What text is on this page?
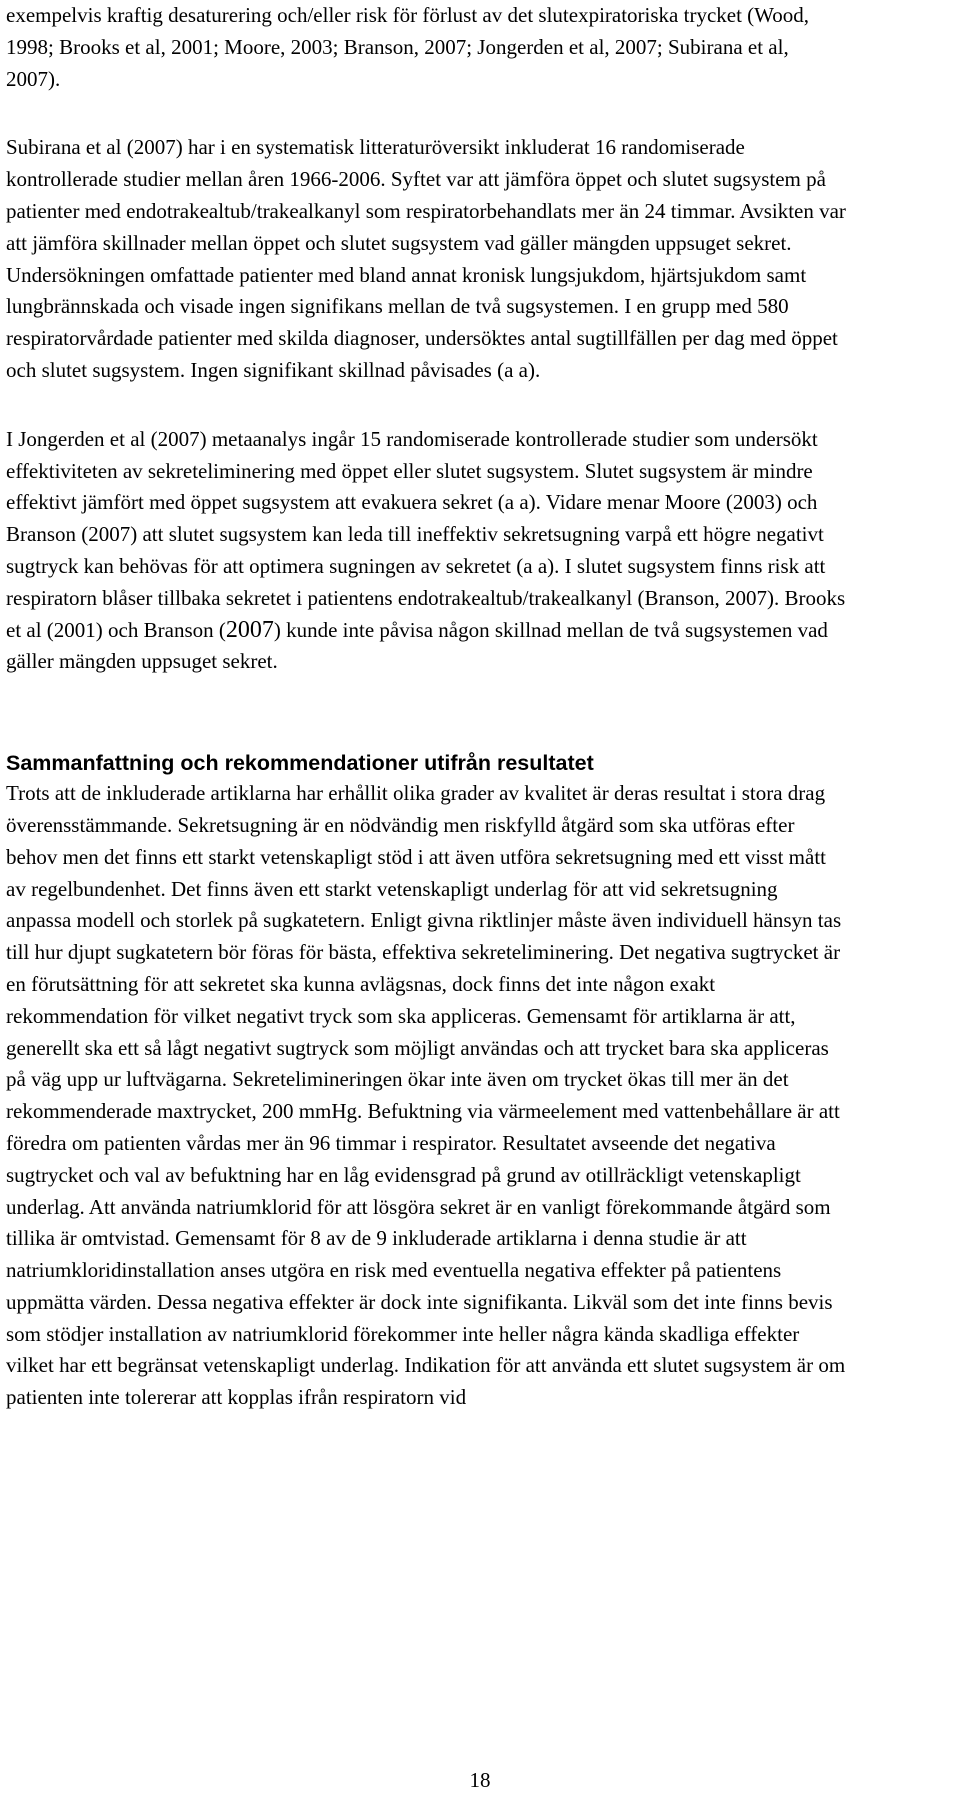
exempelvis kraftig desaturering och/eller risk för förlust av det slutexpiratoriska trycket (Wood, 1998; Brooks et al, 2001; Moore, 2003; Branson, 2007; Jongerden et al, 2007; Subirana et al, 2007).

Subirana et al (2007) har i en systematisk litteraturöversikt inkluderat 16 randomiserade kontrollerade studier mellan åren 1966-2006. Syftet var att jämföra öppet och slutet sugsystem på patienter med endotrakealtub/trakealkanyl som respiratorbehandlats mer än 24 timmar. Avsikten var att jämföra skillnader mellan öppet och slutet sugsystem vad gäller mängden uppsuget sekret. Undersökningen omfattade patienter med bland annat kronisk lungsjukdom, hjärtsjukdom samt lungbrännskada och visade ingen signifikans mellan de två sugsystemen. I en grupp med 580 respiratorvårdade patienter med skilda diagnoser, undersöktes antal sugtillfällen per dag med öppet och slutet sugsystem. Ingen signifikant skillnad påvisades (a a).

I Jongerden et al (2007) metaanalys ingår 15 randomiserade kontrollerade studier som undersökt effektiviteten av sekreteliminering med öppet eller slutet sugsystem. Slutet sugsystem är mindre effektivt jämfört med öppet sugsystem att evakuera sekret (a a). Vidare menar Moore (2003) och Branson (2007) att slutet sugsystem kan leda till ineffektiv sekretsugning varpå ett högre negativt sugtryck kan behövas för att optimera sugningen av sekretet (a a). I slutet sugsystem finns risk att respiratorn blåser tillbaka sekretet i patientens endotrakealtub/trakealkanyl (Branson, 2007). Brooks et al (2001) och Branson (2007) kunde inte påvisa någon skillnad mellan de två sugsystemen vad gäller mängden uppsuget sekret.

Sammanfattning och rekommendationer utifrån resultatet

Trots att de inkluderade artiklarna har erhållit olika grader av kvalitet är deras resultat i stora drag överensstämmande. Sekretsugning är en nödvändig men riskfylld åtgärd som ska utföras efter behov men det finns ett starkt vetenskapligt stöd i att även utföra sekretsugning med ett visst mått av regelbundenhet. Det finns även ett starkt vetenskapligt underlag för att vid sekretsugning anpassa modell och storlek på sugkatetern. Enligt givna riktlinjer måste även individuell hänsyn tas till hur djupt sugkatetern bör föras för bästa, effektiva sekreteliminering. Det negativa sugtrycket är en förutsättning för att sekretet ska kunna avlägsnas, dock finns det inte någon exakt rekommendation för vilket negativt tryck som ska appliceras. Gemensamt för artiklarna är att, generellt ska ett så lågt negativt sugtryck som möjligt användas och att trycket bara ska appliceras på väg upp ur luftvägarna. Sekretelimineringen ökar inte även om trycket ökas till mer än det rekommenderade maxtrycket, 200 mmHg. Befuktning via värmeelement med vattenbehållare är att föredra om patienten vårdas mer än 96 timmar i respirator. Resultatet avseende det negativa sugtrycket och val av befuktning har en låg evidensgrad på grund av otillräckligt vetenskapligt underlag. Att använda natriumklorid för att lösgöra sekret är en vanligt förekommande åtgärd som tillika är omtvistad. Gemensamt för 8 av de 9 inkluderade artiklarna i denna studie är att natriumkloridinstallation anses utgöra en risk med eventuella negativa effekter på patientens uppmätta värden. Dessa negativa effekter är dock inte signifikanta. Likväl som det inte finns bevis som stödjer installation av natriumklorid förekommer inte heller några kända skadliga effekter vilket har ett begränsat vetenskapligt underlag. Indikation för att använda ett slutet sugsystem är om patienten inte tolererar att kopplas ifrån respiratorn vid

18
